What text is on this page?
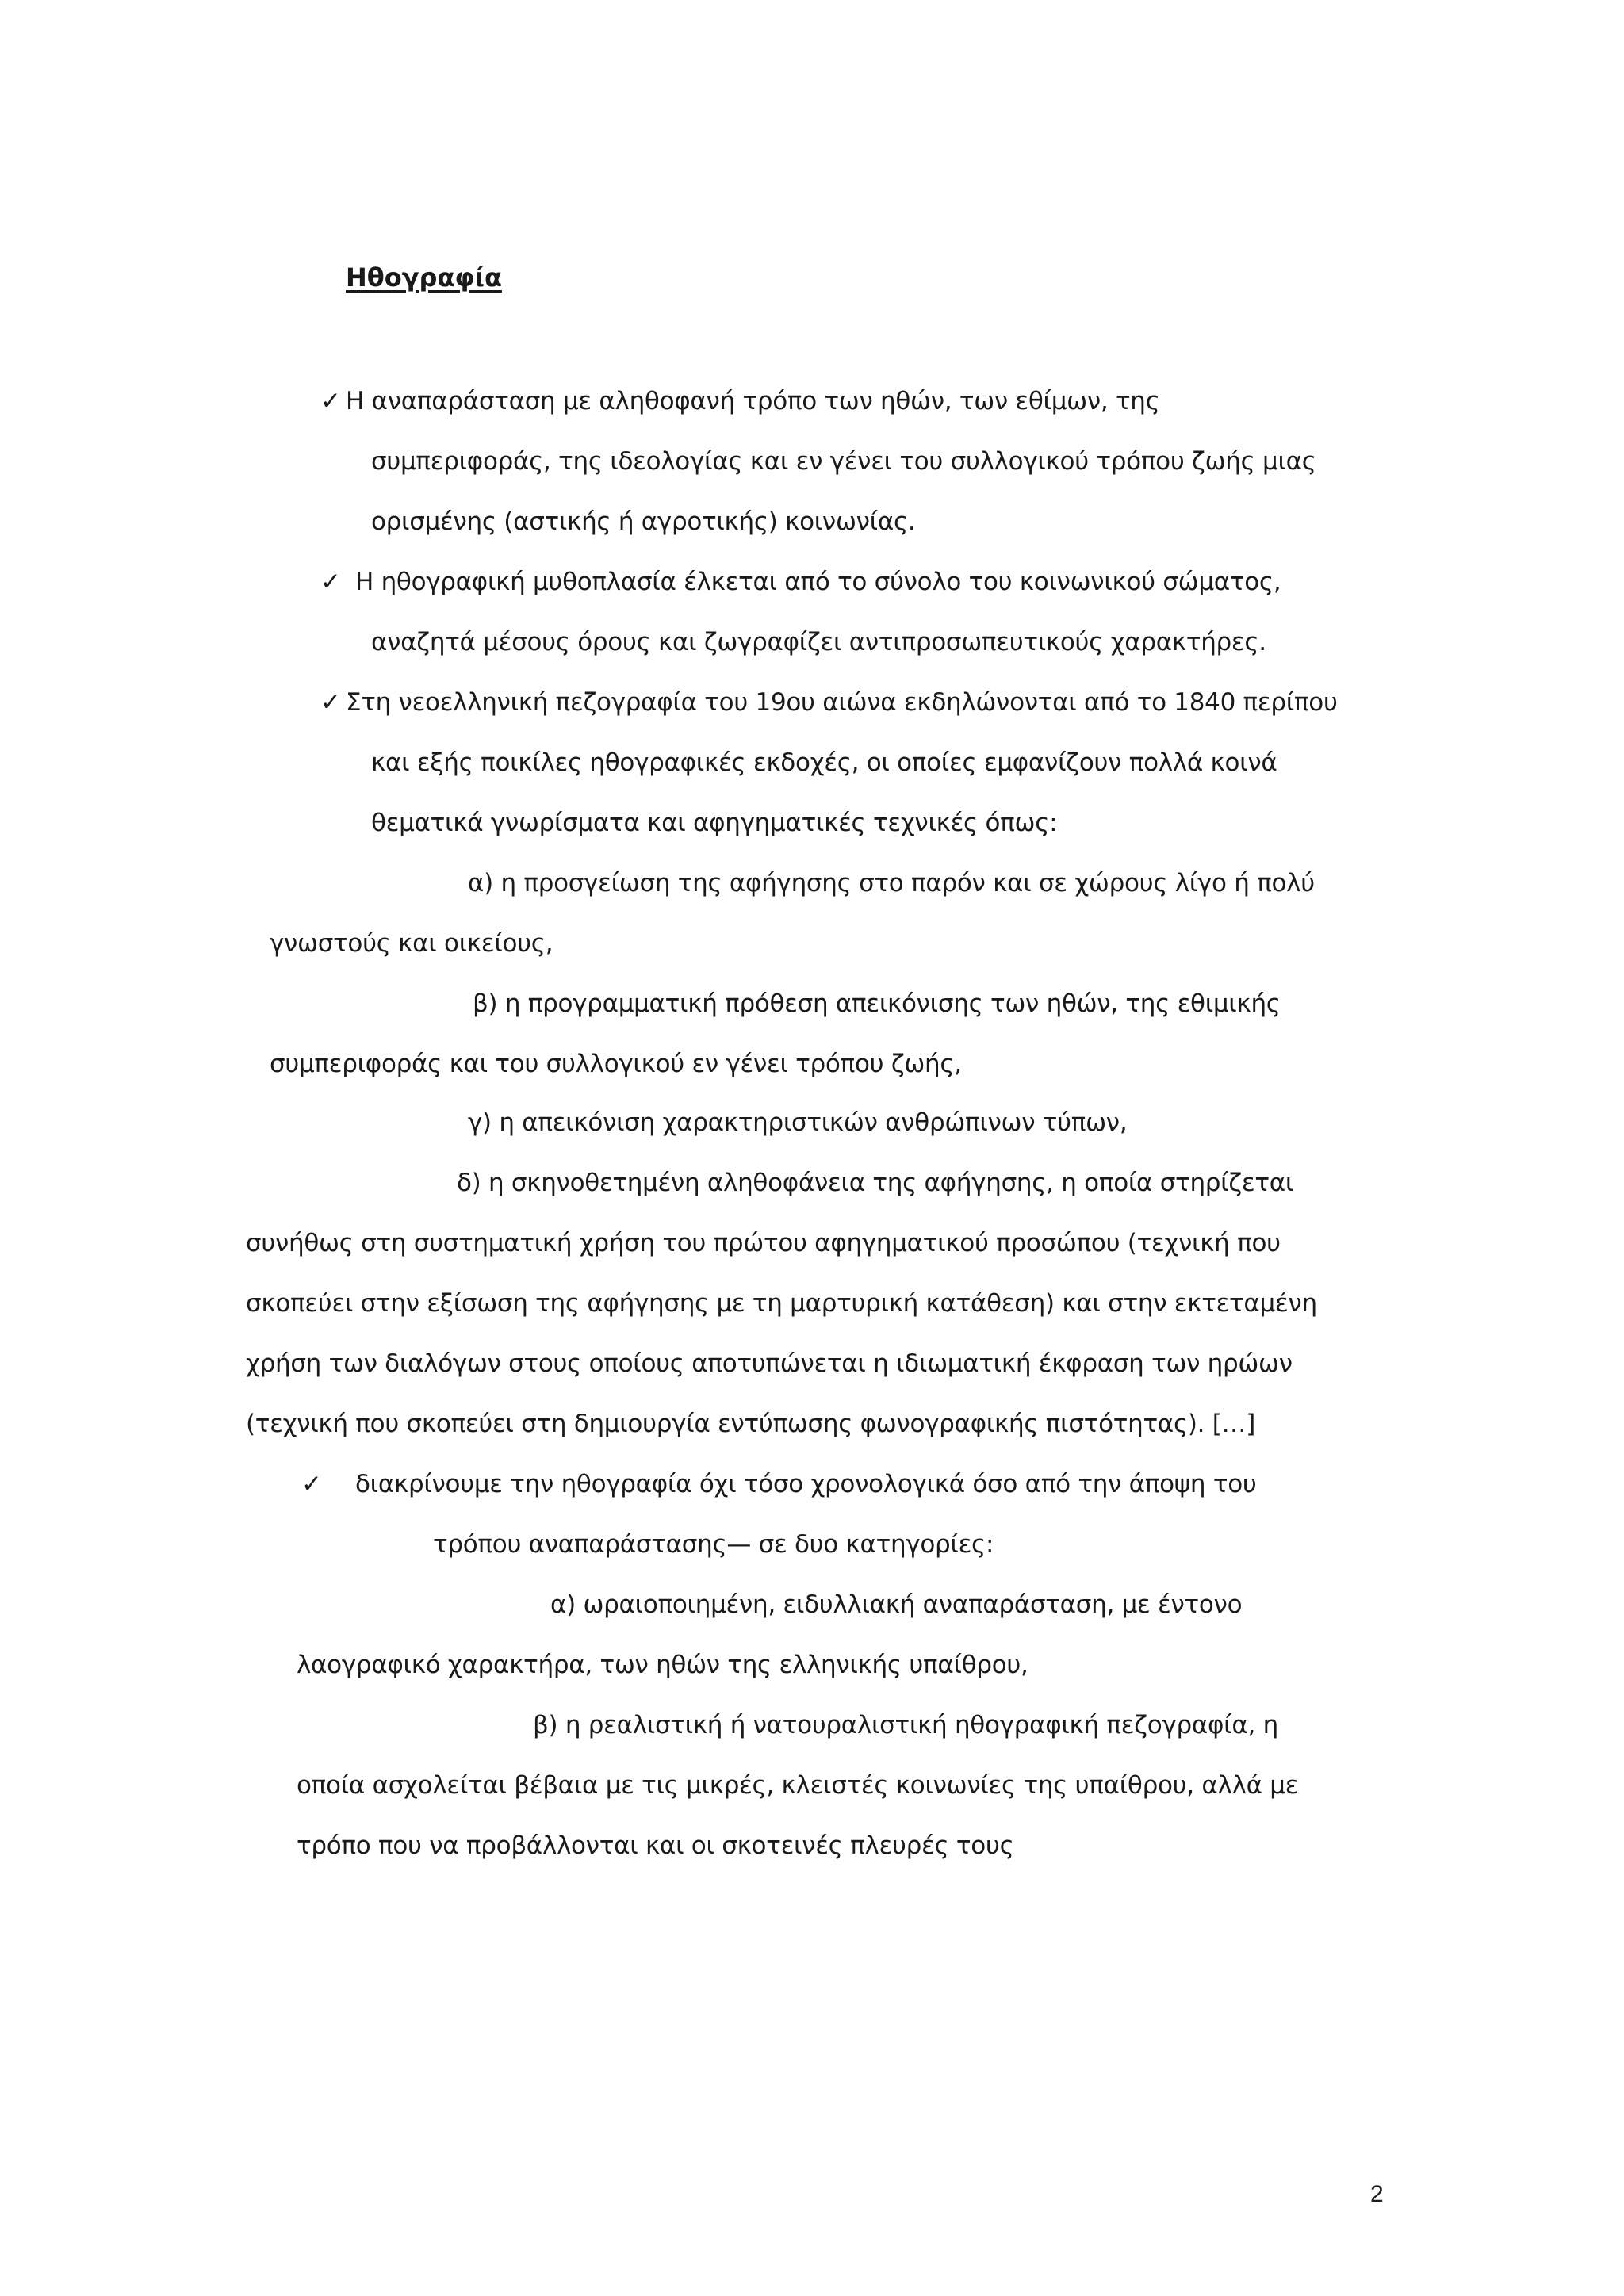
Ηθογραφία
✓ Η αναπαράσταση με αληθοφανή τρόπο των ηθών, των εθίμων, της
συμπεριφοράς, της ιδεολογίας και εν γένει του συλλογικού τρόπου ζωής μιας
ορισμένης (αστικής ή αγροτικής) κοινωνίας.
✓ Η ηθογραφική μυθοπλασία έλκεται από το σύνολο του κοινωνικού σώματος,
αναζητά μέσους όρους και ζωγραφίζει αντιπροσωπευτικούς χαρακτήρες.
✓ Στη νεοελληνική πεζογραφία του 19ου αιώνα εκδηλώνονται από το 1840 περίπου
και εξής ποικίλες ηθογραφικές εκδοχές, οι οποίες εμφανίζουν πολλά κοινά
θεματικά γνωρίσματα και αφηγηματικές τεχνικές όπως:
α) η προσγείωση της αφήγησης στο παρόν και σε χώρους λίγο ή πολύ
γνωστούς και οικείους,
β) η προγραμματική πρόθεση απεικόνισης των ηθών, της εθιμικής
συμπεριφοράς και του συλλογικού εν γένει τρόπου ζωής,
γ) η απεικόνιση χαρακτηριστικών ανθρώπινων τύπων,
δ) η σκηνοθετημένη αληθοφάνεια της αφήγησης, η οποία στηρίζεται
συνήθως στη συστηματική χρήση του πρώτου αφηγηματικού προσώπου (τεχνική που
σκοπεύει στην εξίσωση της αφήγησης με τη μαρτυρική κατάθεση) και στην εκτεταμένη
χρήση των διαλόγων στους οποίους αποτυπώνεται η ιδιωματική έκφραση των ηρώων
(τεχνική που σκοπεύει στη δημιουργία εντύπωσης φωνογραφικής πιστότητας). […]
✓ διακρίνουμε την ηθογραφία όχι τόσο χρονολογικά όσο από την άποψη του
τρόπου αναπαράστασης— σε δυο κατηγορίες:
α) ωραιοποιημένη, ειδυλλιακή αναπαράσταση, με έντονο
λαογραφικό χαρακτήρα, των ηθών της ελληνικής υπαίθρου,
β) η ρεαλιστική ή νατουραλιστική ηθογραφική πεζογραφία, η
οποία ασχολείται βέβαια με τις μικρές, κλειστές κοινωνίες της υπαίθρου, αλλά με
τρόπο που να προβάλλονται και οι σκοτεινές πλευρές τους
2
